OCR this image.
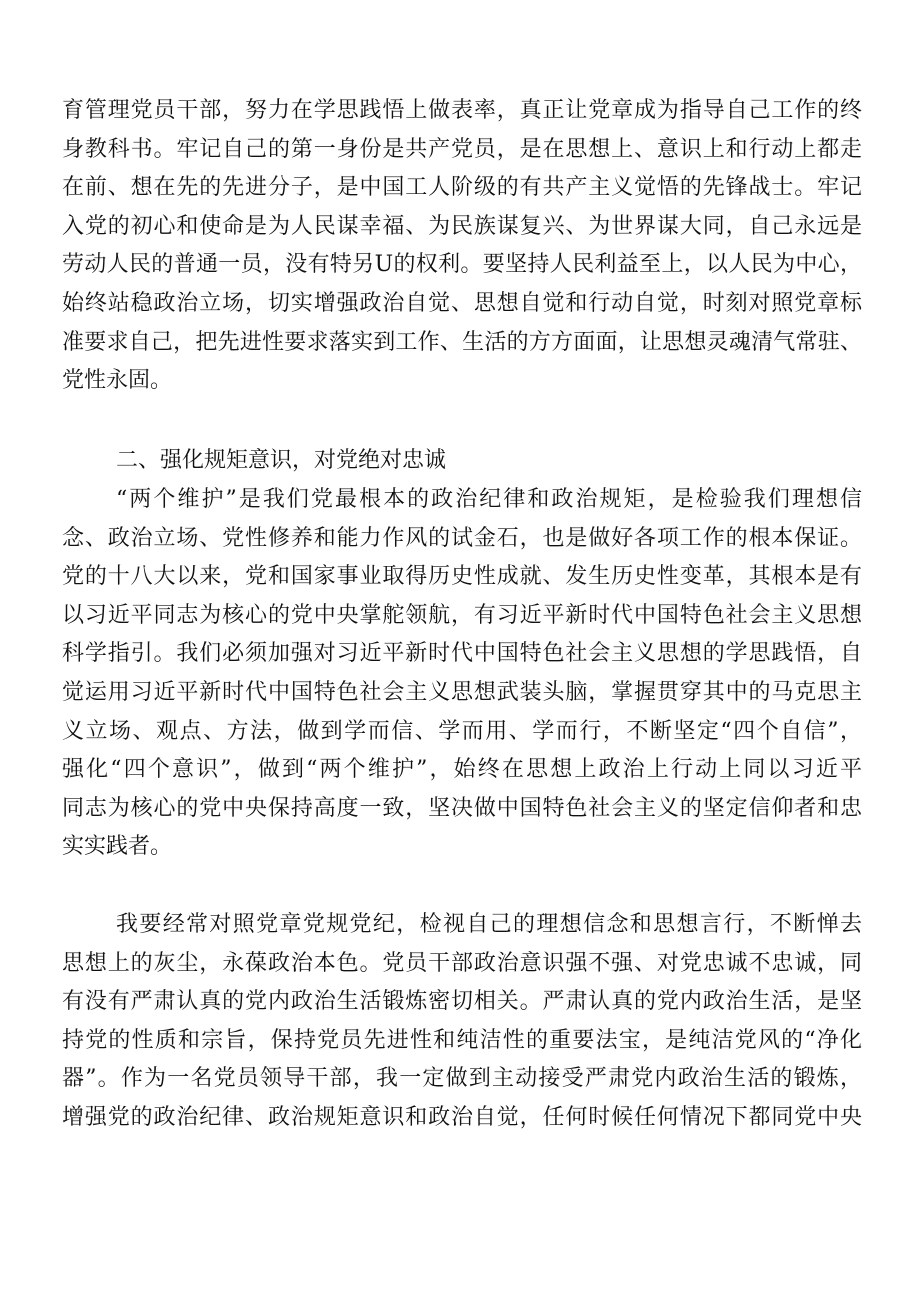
育管理党员干部，努力在学思践悟上做表率，真正让党章成为指导自己工作的终
身教科书。牢记自己的第一身份是共产党员，是在思想上、意识上和行动上都走
在前、想在先的先进分子，是中国工人阶级的有共产主义觉悟的先锋战士。牢记
入党的初心和使命是为人民谋幸福、为民族谋复兴、为世界谋大同，自己永远是
劳动人民的普通一员，没有特另U的权利。要坚持人民利益至上，以人民为中心，
始终站稳政治立场，切实增强政治自觉、思想自觉和行动自觉，时刻对照党章标
准要求自己，把先进性要求落实到工作、生活的方方面面，让思想灵魂清气常驻、
党性永固。
二、强化规矩意识，对党绝对忠诚
“两个维护”是我们党最根本的政治纪律和政治规矩，是检验我们理想信
念、政治立场、党性修养和能力作风的试金石，也是做好各项工作的根本保证。
党的十八大以来，党和国家事业取得历史性成就、发生历史性变革，其根本是有
以习近平同志为核心的党中央掌舵领航，有习近平新时代中国特色社会主义思想
科学指引。我们必须加强对习近平新时代中国特色社会主义思想的学思践悟，自
觉运用习近平新时代中国特色社会主义思想武装头脑，掌握贯穿其中的马克思主
义立场、观点、方法，做到学而信、学而用、学而行，不断坚定“四个自信”，
强化“四个意识”，做到“两个维护”，始终在思想上政治上行动上同以习近平
同志为核心的党中央保持高度一致，坚决做中国特色社会主义的坚定信仰者和忠
实实践者。
我要经常对照党章党规党纪，检视自己的理想信念和思想言行，不断惮去
思想上的灰尘，永葆政治本色。党员干部政治意识强不强、对党忠诚不忠诚，同
有没有严肃认真的党内政治生活锻炼密切相关。严肃认真的党内政治生活，是坚
持党的性质和宗旨，保持党员先进性和纯洁性的重要法宝，是纯洁党风的“净化
器”。作为一名党员领导干部，我一定做到主动接受严肃党内政治生活的锻炼，
增强党的政治纪律、政治规矩意识和政治自觉，任何时候任何情况下都同党中央
